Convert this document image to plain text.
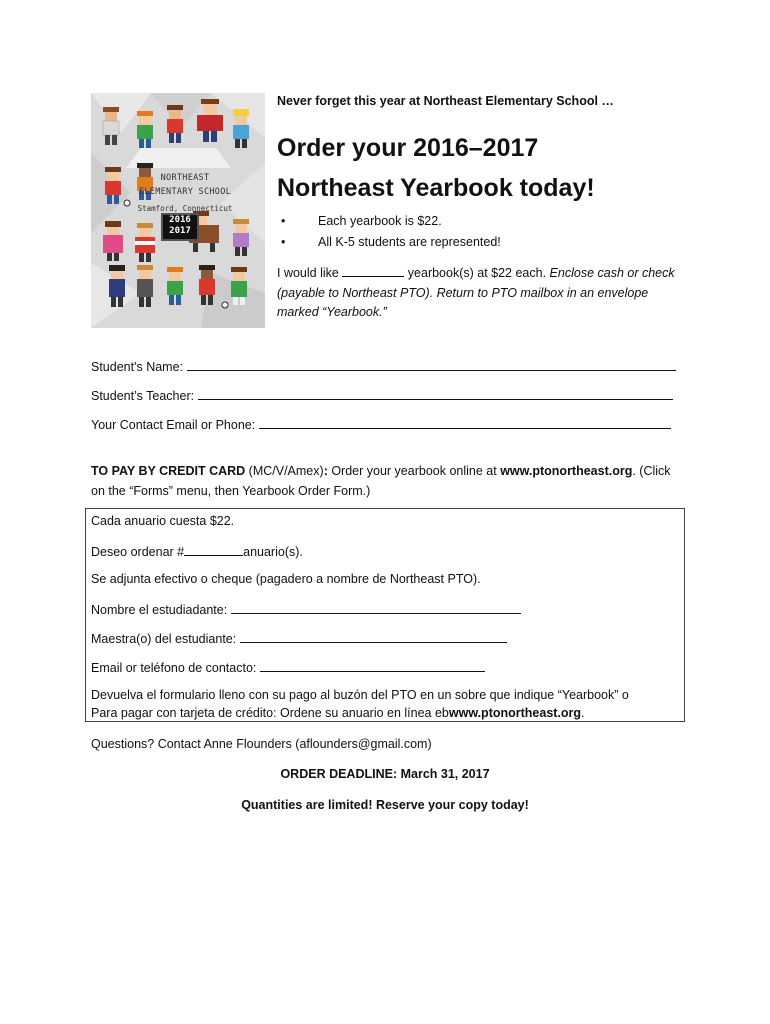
NORTHEAST
ELEMENTARY SCHOOL
Stamford, Connecticut
2016
2017
Never forget this year at Northeast Elementary School …
Order your 2016–2017
Northeast Yearbook today!
•	Each yearbook is $22.
•	All K-5 students are represented!
I would like	yearbook(s) at $22 each. Enclose cash or check (payable to Northeast PTO). Return to PTO mailbox in an envelope marked “Yearbook.”
Student's Name:
Student’s Teacher:
Your Contact Email or Phone:
TO PAY BY CREDIT CARD (MC/V/Amex): Order your yearbook online at www.ptonortheast.org. (Click on the “Forms” menu, then Yearbook Order Form.)
Cada anuario cuesta $22.
Deseo ordenar #	anuario(s).
Se adjunta efectivo o cheque (pagadero a nombre de Northeast PTO).
Nombre el estudiadante:
Maestra(o) del estudiante:
Email or teléfono de contacto:
Devuelva el formulario lleno con su pago al buzón del PTO en un sobre que indique “Yearbook” o
Para pagar con tarjeta de crédito: Ordene su anuario en línea eb www.ptonortheast.org .
Questions? Contact Anne Flounders (aflounders@gmail.com)
ORDER DEADLINE: March 31, 2017
Quantities are limited! Reserve your copy today!
